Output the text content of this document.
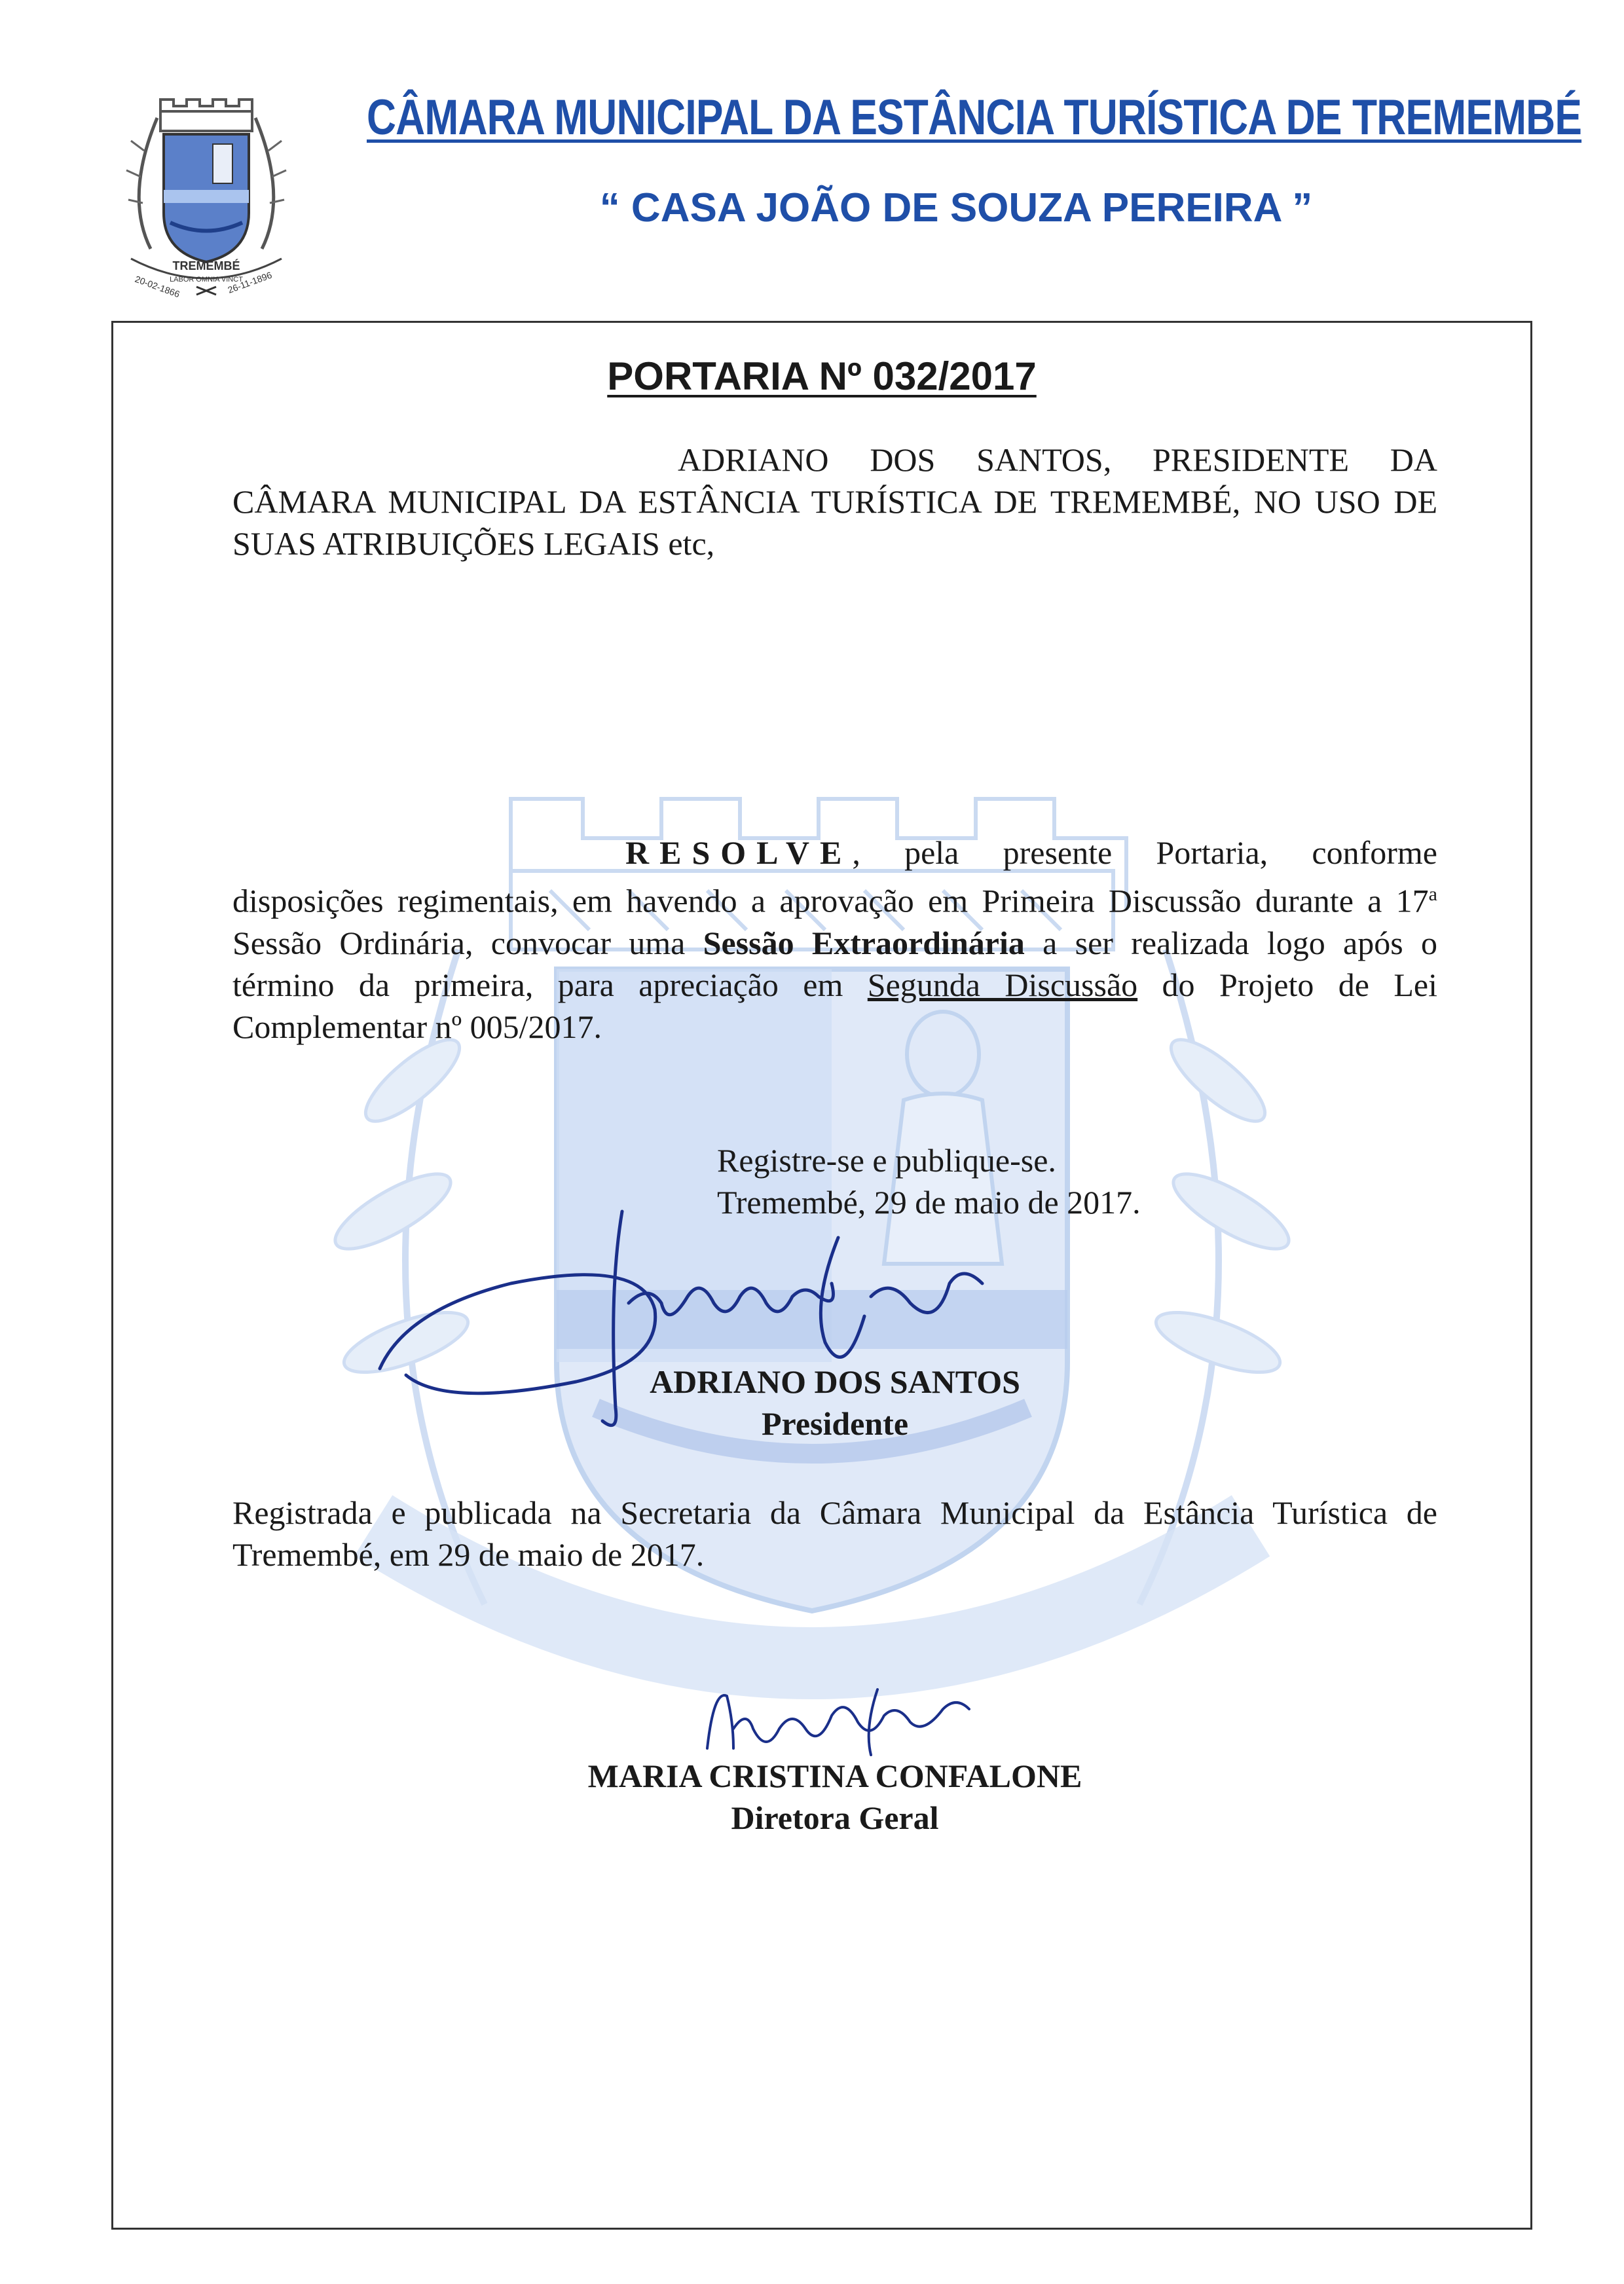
TREMEMBÉ
LABOR OMNIA VINCT
20-02-1866	26-11-1896
CÂMARA MUNICIPAL DA ESTÂNCIA TURÍSTICA DE TREMEMBÉ
“ CASA JOÃO DE SOUZA PEREIRA ”
PORTARIA Nº 032/2017
ADRIANO DOS SANTOS, PRESIDENTE DA CÂMARA MUNICIPAL DA ESTÂNCIA TURÍSTICA DE TREMEMBÉ, NO USO DE SUAS ATRIBUIÇÕES LEGAIS etc,
RESOLVE, pela presente Portaria, conforme disposições regimentais, em havendo a aprovação em Primeira Discussão durante a 17$^a$ Sessão Ordinária, convocar uma Sessão Extraordinária a ser realizada logo após o término da primeira, para apreciação em Segunda Discussão do Projeto de Lei Complementar nº 005/2017.
Registre-se e publique-se.
Tremembé, 29 de maio de 2017.
ADRIANO DOS SANTOS
Presidente
Registrada e publicada na Secretaria da Câmara Municipal da Estância Turística de Tremembé, em 29 de maio de 2017.
MARIA CRISTINA CONFALONE
Diretora Geral
